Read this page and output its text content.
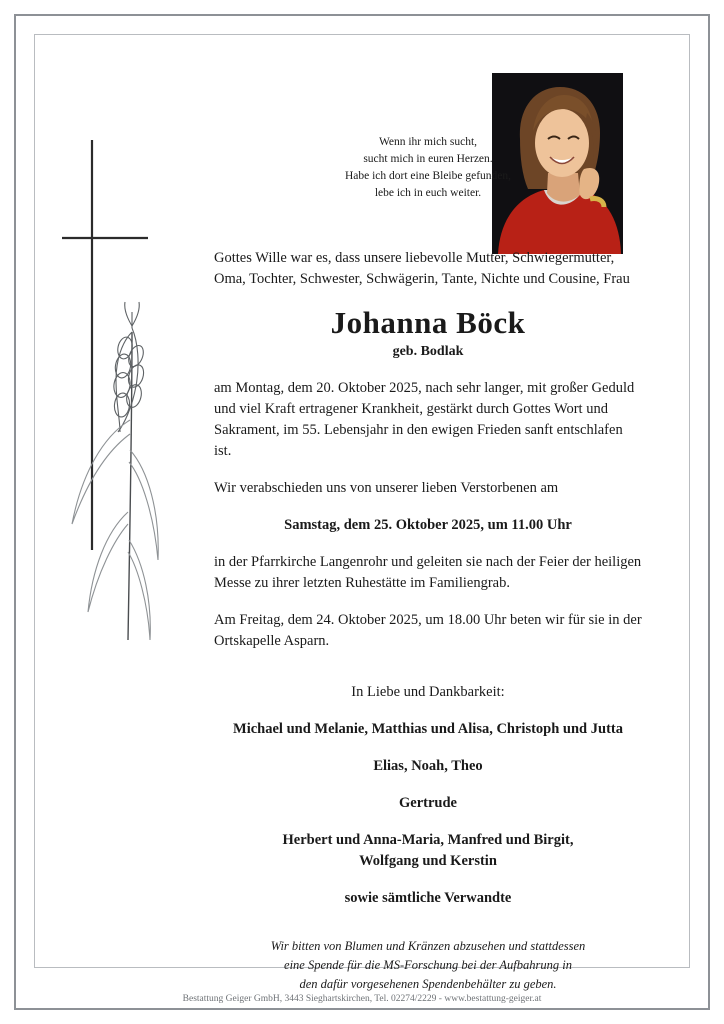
Wenn ihr mich sucht,
sucht mich in euren Herzen.
Habe ich dort eine Bleibe gefunden,
lebe ich in euch weiter.
Gottes Wille war es, dass unsere liebevolle Mutter, Schwiegermutter, Oma, Tochter, Schwester, Schwägerin, Tante, Nichte und Cousine, Frau
Johanna Böck
geb. Bodlak
am Montag, dem 20. Oktober 2025, nach sehr langer, mit großer Geduld und viel Kraft ertragener Krankheit, gestärkt durch Gottes Wort und Sakrament, im 55. Lebensjahr in den ewigen Frieden sanft entschlafen ist.
Wir verabschieden uns von unserer lieben Verstorbenen am
Samstag, dem 25. Oktober 2025, um 11.00 Uhr
in der Pfarrkirche Langenrohr und geleiten sie nach der Feier der heiligen Messe zu ihrer letzten Ruhestätte im Familiengrab.
Am Freitag, dem 24. Oktober 2025, um 18.00 Uhr beten wir für sie in der Ortskapelle Asparn.
In Liebe und Dankbarkeit:
Michael und Melanie, Matthias und Alisa, Christoph und Jutta
Elias, Noah, Theo
Gertrude
Herbert und Anna-Maria, Manfred und Birgit,
Wolfgang und Kerstin
sowie sämtliche Verwandte
Wir bitten von Blumen und Kränzen abzusehen und stattdessen
eine Spende für die MS-Forschung bei der Aufbahrung in
den dafür vorgesehenen Spendenbehälter zu geben.
Bestattung Geiger GmbH, 3443 Sieghartskirchen, Tel. 02274/2229 - www.bestattung-geiger.at
